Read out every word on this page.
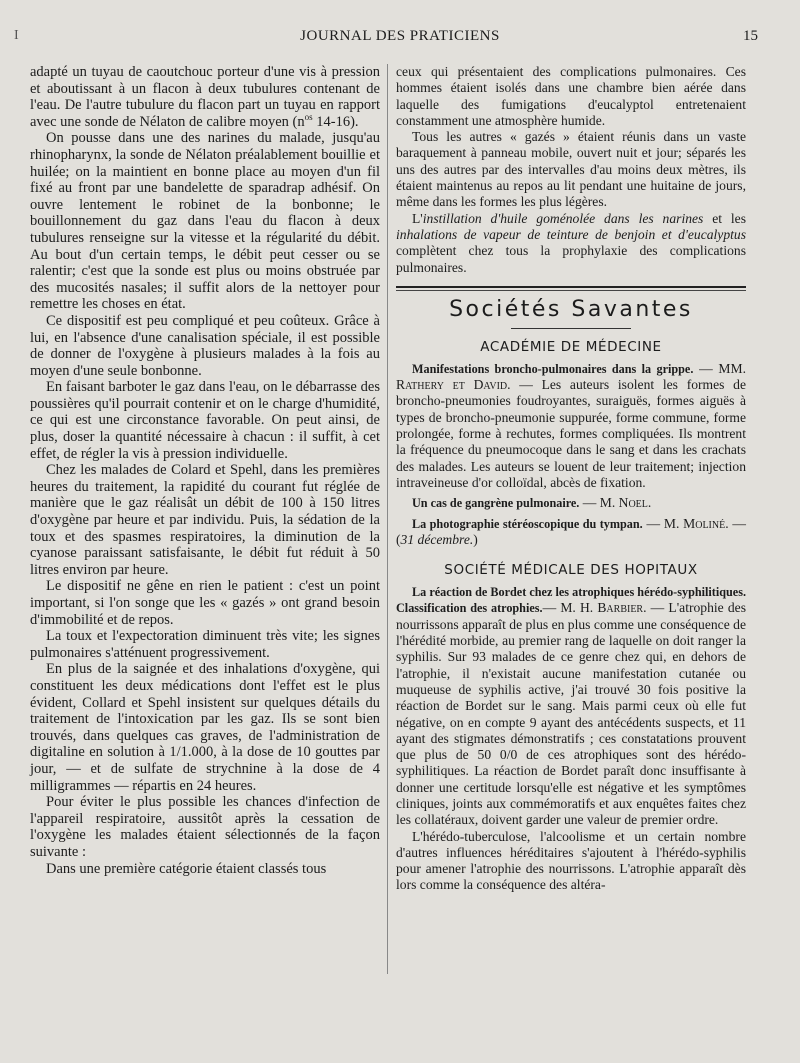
I	JOURNAL DES PRATICIENS	15

adapté un tuyau de caoutchouc porteur d'une vis à pression et aboutissant à un flacon à deux tubulures contenant de l'eau. De l'autre tubulure du flacon part un tuyau en rapport avec une sonde de Nélaton de calibre moyen ($n^{os}$ 14-16).

On pousse dans une des narines du malade, jusqu'au rhinopharynx, la sonde de Nélaton préalablement bouillie et huilée; on la maintient en bonne place au moyen d'un fil fixé au front par une bandelette de sparadrap adhésif. On ouvre lentement le robinet de la bonbonne; le bouillonnement du gaz dans l'eau du flacon à deux tubulures renseigne sur la vitesse et la régularité du débit. Au bout d'un certain temps, le débit peut cesser ou se ralentir; c'est que la sonde est plus ou moins obstruée par des mucosités nasales; il suffit alors de la nettoyer pour remettre les choses en état.

Ce dispositif est peu compliqué et peu coûteux. Grâce à lui, en l'absence d'une canalisation spéciale, il est possible de donner de l'oxygène à plusieurs malades à la fois au moyen d'une seule bonbonne.

En faisant barboter le gaz dans l'eau, on le débarrasse des poussières qu'il pourrait contenir et on le charge d'humidité, ce qui est une circonstance favorable. On peut ainsi, de plus, doser la quantité nécessaire à chacun : il suffit, à cet effet, de régler la vis à pression individuelle.

Chez les malades de Colard et Spehl, dans les premières heures du traitement, la rapidité du courant fut réglée de manière que le gaz réalisât un débit de 100 à 150 litres d'oxygène par heure et par individu. Puis, la sédation de la toux et des spasmes respiratoires, la diminution de la cyanose paraissant satisfaisante, le débit fut réduit à 50 litres environ par heure.

Le dispositif ne gêne en rien le patient : c'est un point important, si l'on songe que les « gazés » ont grand besoin d'immobilité et de repos.

La toux et l'expectoration diminuent très vite; les signes pulmonaires s'atténuent progressivement.

En plus de la saignée et des inhalations d'oxygène, qui constituent les deux médications dont l'effet est le plus évident, Collard et Spehl insistent sur quelques détails du traitement de l'intoxication par les gaz. Ils se sont bien trouvés, dans quelques cas graves, de l'administration de digitaline en solution à 1/1.000, à la dose de 10 gouttes par jour, — et de sulfate de strychnine à la dose de 4 milligrammes — répartis en 24 heures.

Pour éviter le plus possible les chances d'infection de l'appareil respiratoire, aussitôt après la cessation de l'oxygène les malades étaient sélectionnés de la façon suivante :

Dans une première catégorie étaient classés tous

ceux qui présentaient des complications pulmonaires. Ces hommes étaient isolés dans une chambre bien aérée dans laquelle des fumigations d'eucalyptol entretenaient constamment une atmosphère humide.

Tous les autres « gazés » étaient réunis dans un vaste baraquement à panneau mobile, ouvert nuit et jour; séparés les uns des autres par des intervalles d'au moins deux mètres, ils étaient maintenus au repos au lit pendant une huitaine de jours, même dans les formes les plus légères.

L'instillation d'huile goménolée dans les narines et les inhalations de vapeur de teinture de benjoin et d'eucalyptus complètent chez tous la prophylaxie des complications pulmonaires.

Sociétés Savantes
ACADÉMIE DE MÉDECINE

Manifestations broncho-pulmonaires dans la grippe. — MM. Rathery et David. — Les auteurs isolent les formes de broncho-pneumonies foudroyantes, suraiguës, formes aiguës à types de broncho-pneumonie suppurée, forme commune, forme prolongée, forme à rechutes, formes compliquées. Ils montrent la fréquence du pneumocoque dans le sang et dans les crachats des malades. Les auteurs se louent de leur traitement; injection intraveineuse d'or colloïdal, abcès de fixation.

Un cas de gangrène pulmonaire. — M. Noel.

La photographie stéréoscopique du tympan. — M. Moliné. — (31 décembre.)

SOCIÉTÉ MÉDICALE DES HOPITAUX

La réaction de Bordet chez les atrophiques hérédo-syphilitiques. Classification des atrophies.— M. H. Barbier. — L'atrophie des nourrissons apparaît de plus en plus comme une conséquence de l'hérédité morbide, au premier rang de laquelle on doit ranger la syphilis. Sur 93 malades de ce genre chez qui, en dehors de l'atrophie, il n'existait aucune manifestation cutanée ou muqueuse de syphilis active, j'ai trouvé 30 fois positive la réaction de Bordet sur le sang. Mais parmi ceux où elle fut négative, on en compte 9 ayant des antécédents suspects, et 11 ayant des stigmates démonstratifs ; ces constatations prouvent que plus de 50 0/0 de ces atrophiques sont des hérédo-syphilitiques. La réaction de Bordet paraît donc insuffisante à donner une certitude lorsqu'elle est négative et les symptômes cliniques, joints aux commémoratifs et aux enquêtes faites chez les collatéraux, doivent garder une valeur de premier ordre.

L'hérédo-tuberculose, l'alcoolisme et un certain nombre d'autres influences héréditaires s'ajoutent à l'hérédo-syphilis pour amener l'atrophie des nourrissons. L'atrophie apparaît dès lors comme la conséquence des altéra-
